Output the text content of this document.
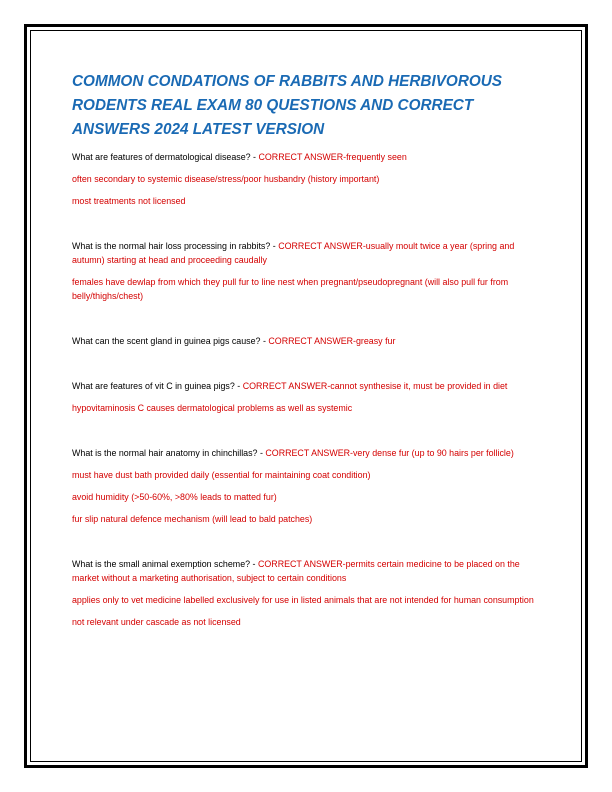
COMMON CONDATIONS OF RABBITS AND HERBIVOROUS RODENTS REAL EXAM 80 QUESTIONS AND CORRECT ANSWERS 2024 LATEST VERSION

What are features of dermatological disease? - CORRECT ANSWER-frequently seen

often secondary to systemic disease/stress/poor husbandry (history important)

most treatments not licensed

What is the normal hair loss processing in rabbits? - CORRECT ANSWER-usually moult twice a year (spring and autumn) starting at head and proceeding caudally

females have dewlap from which they pull fur to line nest when pregnant/pseudopregnant (will also pull fur from belly/thighs/chest)

What can the scent gland in guinea pigs cause? - CORRECT ANSWER-greasy fur

What are features of vit C in guinea pigs? - CORRECT ANSWER-cannot synthesise it, must be provided in diet

hypovitaminosis C causes dermatological problems as well as systemic

What is the normal hair anatomy in chinchillas? - CORRECT ANSWER-very dense fur (up to 90 hairs per follicle)

must have dust bath provided daily (essential for maintaining coat condition)

avoid humidity (>50-60%, >80% leads to matted fur)

fur slip natural defence mechanism (will lead to bald patches)

What is the small animal exemption scheme? - CORRECT ANSWER-permits certain medicine to be placed on the market without a marketing authorisation, subject to certain conditions

applies only to vet medicine labelled exclusively for use in listed animals that are not intended for human consumption

not relevant under cascade as not licensed
